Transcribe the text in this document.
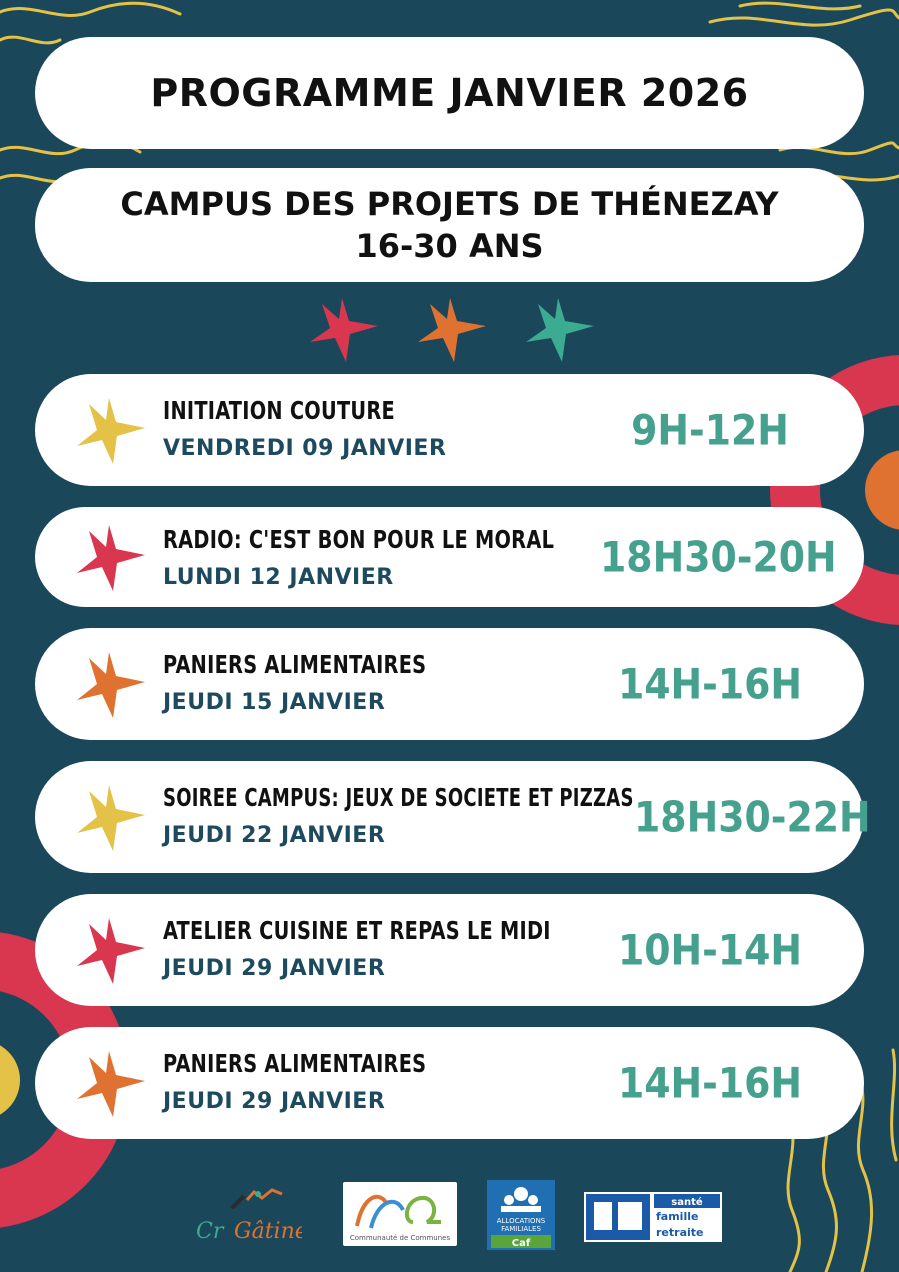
PROGRAMME JANVIER 2026
CAMPUS DES PROJETS DE THÉNEZAY
16-30 ANS
INITIATION COUTURE
VENDREDI 09 JANVIER	9H-12H
RADIO: C'EST BON POUR LE MORAL
LUNDI 12 JANVIER	18H30-20H
PANIERS ALIMENTAIRES
JEUDI 15 JANVIER	14H-16H
SOIREE CAMPUS: JEUX DE SOCIETE ET PIZZAS
JEUDI 22 JANVIER	18H30-22H
ATELIER CUISINE ET REPAS LE MIDI
JEUDI 29 JANVIER	10H-14H
PANIERS ALIMENTAIRES
JEUDI 29 JANVIER	14H-16H
Cr Gâtine	Communauté de Communes
ALLOCATIONS
FAMILIALES
Caf
santé
famille
retraite
